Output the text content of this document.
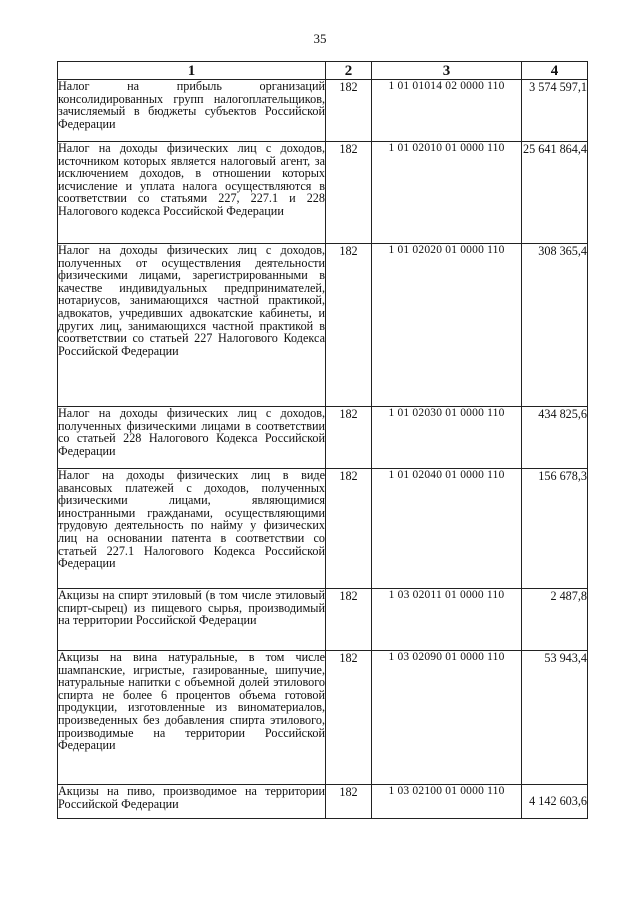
35
1	2	3	4
Налог на прибыль организаций консолидированных групп налогоплательщиков, зачисляемый в бюджеты субъектов Российской Федерации	182	1 01 01014 02 0000 110	3 574 597,1
Налог на доходы физических лиц с доходов, источником которых является налоговый агент, за исключением доходов, в отношении которых исчисление и уплата налога осуществляются в соответствии со статьями 227, 227.1 и 228 Налогового кодекса Российской Федерации	182	1 01 02010 01 0000 110	25 641 864,4
Налог на доходы физических лиц с доходов, полученных от осуществления деятельности физическими лицами, зарегистрированными в качестве индивидуальных предпринимателей, нотариусов, занимающихся частной практикой, адвокатов, учредивших адвокатские кабинеты, и других лиц, занимающихся частной практикой в соответствии со статьей 227 Налогового Кодекса Российской Федерации	182	1 01 02020 01 0000 110	308 365,4
Налог на доходы физических лиц с доходов, полученных физическими лицами в соответствии со статьей 228 Налогового Кодекса Российской Федерации	182	1 01 02030 01 0000 110	434 825,6
Налог на доходы физических лиц в виде авансовых платежей с доходов, полученных физическими лицами, являющимися иностранными гражданами, осуществляющими трудовую деятельность по найму у физических лиц на основании патента в соответствии со статьей 227.1 Налогового Кодекса Российской Федерации	182	1 01 02040 01 0000 110	156 678,3
Акцизы на спирт этиловый (в том числе этиловый спирт-сырец) из пищевого сырья, производимый на территории Российской Федерации	182	1 03 02011 01 0000 110	2 487,8
Акцизы на вина натуральные, в том числе шампанские, игристые, газированные, шипучие, натуральные напитки с объемной долей этилового спирта не более 6 процентов объема готовой продукции, изготовленные из виноматериалов, произведенных без добавления спирта этилового, производимые на территории Российской Федерации	182	1 03 02090 01 0000 110	53 943,4
Акцизы на пиво, производимое на территории Российской Федерации	182	1 03 02100 01 0000 110	4 142 603,6
